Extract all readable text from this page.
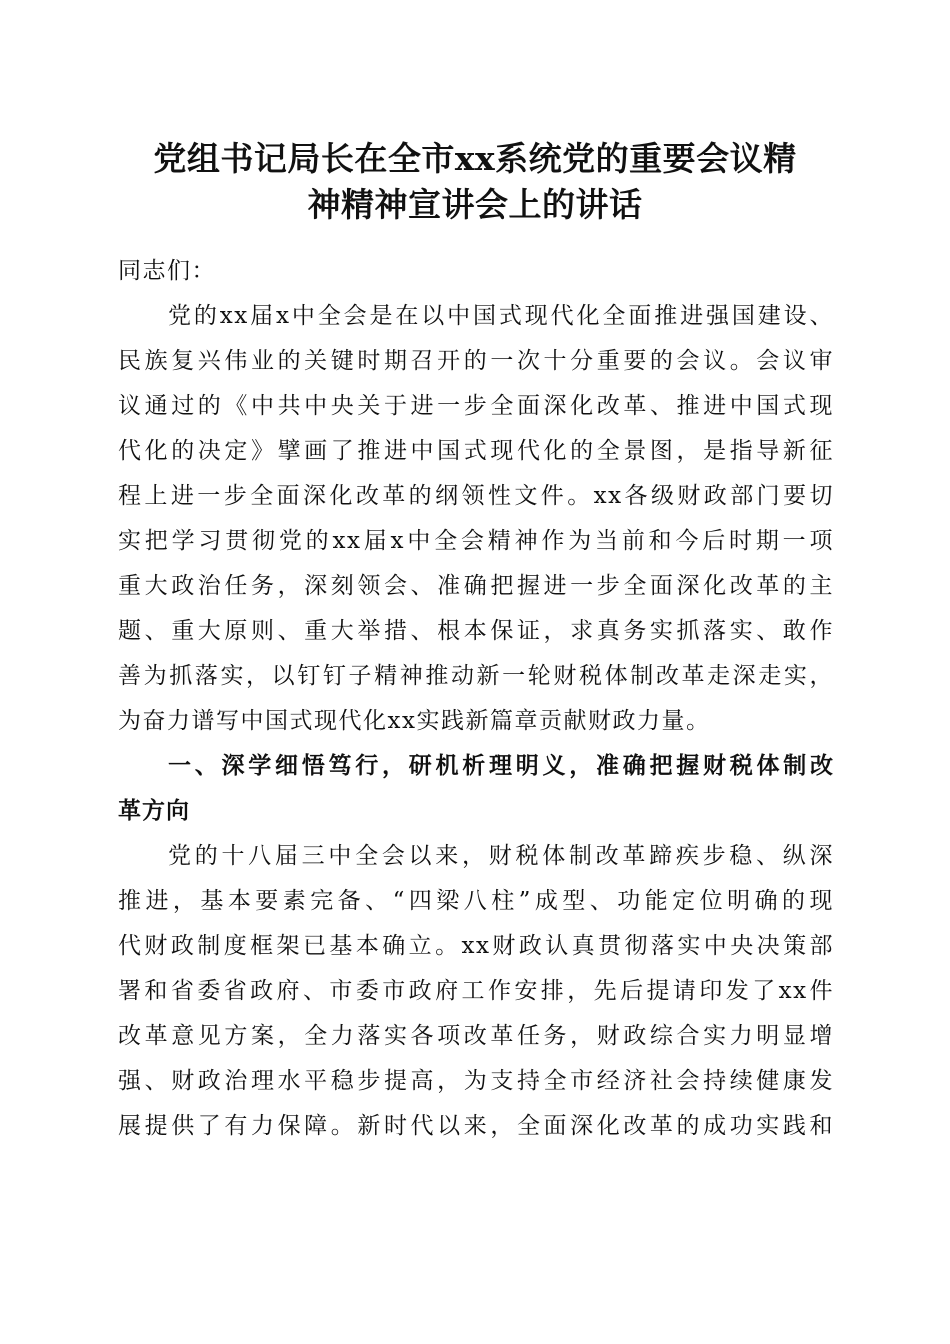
党组书记局长在全市xx系统党的重要会议精
神精神宣讲会上的讲话
同志们：
党的xx届x中全会是在以中国式现代化全面推进强国建设、
民族复兴伟业的关键时期召开的一次十分重要的会议。会议审
议通过的《中共中央关于进一步全面深化改革、推进中国式现
代化的决定》擘画了推进中国式现代化的全景图，是指导新征
程上进一步全面深化改革的纲领性文件。xx各级财政部门要切
实把学习贯彻党的xx届x中全会精神作为当前和今后时期一项
重大政治任务，深刻领会、准确把握进一步全面深化改革的主
题、重大原则、重大举措、根本保证，求真务实抓落实、敢作
善为抓落实，以钉钉子精神推动新一轮财税体制改革走深走实，
为奋力谱写中国式现代化xx实践新篇章贡献财政力量。
一、深学细悟笃行，研机析理明义，准确把握财税体制改
革方向
党的十八届三中全会以来，财税体制改革蹄疾步稳、纵深
推进，基本要素完备、“四梁八柱”成型、功能定位明确的现
代财政制度框架已基本确立。xx财政认真贯彻落实中央决策部
署和省委省政府、市委市政府工作安排，先后提请印发了xx件
改革意见方案，全力落实各项改革任务，财政综合实力明显增
强、财政治理水平稳步提高，为支持全市经济社会持续健康发
展提供了有力保障。新时代以来，全面深化改革的成功实践和
